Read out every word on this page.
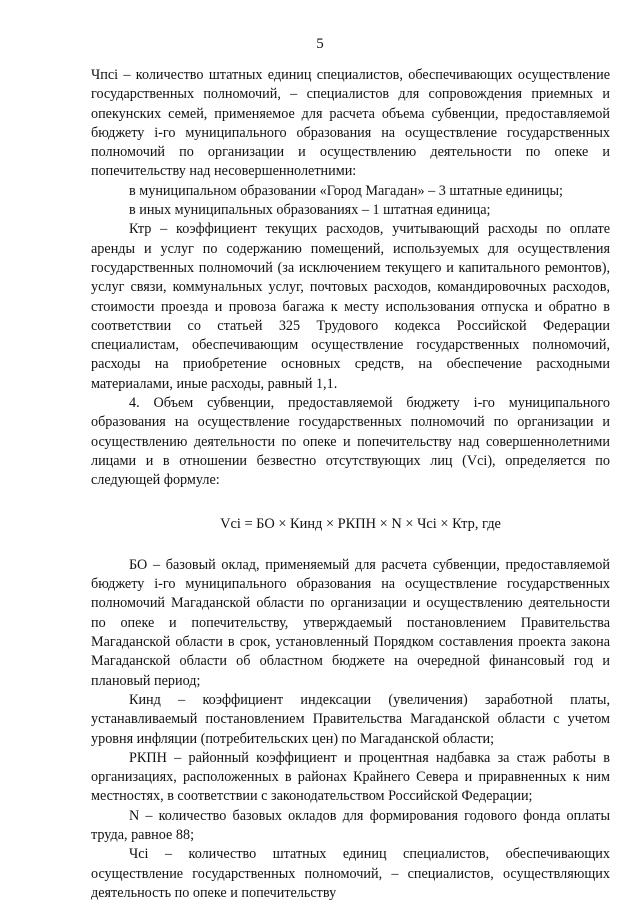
5

Чпсі – количество штатных единиц специалистов, обеспечивающих осуществление государственных полномочий, – специалистов для сопровождения приемных и опекунских семей, применяемое для расчета объема субвенции, предоставляемой бюджету і-го муниципального образования на осуществление государственных полномочий по организации и осуществлению деятельности по опеке и попечительству над несовершеннолетними:

в муниципальном образовании «Город Магадан» – 3 штатные единицы;

в иных муниципальных образованиях – 1 штатная единица;

Ктр – коэффициент текущих расходов, учитывающий расходы по оплате аренды и услуг по содержанию помещений, используемых для осуществления государственных полномочий (за исключением текущего и капитального ремонтов), услуг связи, коммунальных услуг, почтовых расходов, командировочных расходов, стоимости проезда и провоза багажа к месту использования отпуска и обратно в соответствии со статьей 325 Трудового кодекса Российской Федерации специалистам, обеспечивающим осуществление государственных полномочий, расходы на приобретение основных средств, на обеспечение расходными материалами, иные расходы, равный 1,1.

4. Объем субвенции, предоставляемой бюджету і-го муниципального образования на осуществление государственных полномочий по организации и осуществлению деятельности по опеке и попечительству над совершеннолетними лицами и в отношении безвестно отсутствующих лиц (Vсі), определяется по следующей формуле:

Vсі = БО × Кинд × РКПН × N × Чсі × Ктр, где

БО – базовый оклад, применяемый для расчета субвенции, предоставляемой бюджету і-го муниципального образования на осуществление государственных полномочий Магаданской области по организации и осуществлению деятельности по опеке и попечительству, утверждаемый постановлением Правительства Магаданской области в срок, установленный Порядком составления проекта закона Магаданской области об областном бюджете на очередной финансовый год и плановый период;

Кинд – коэффициент индексации (увеличения) заработной платы, устанавливаемый постановлением Правительства Магаданской области с учетом уровня инфляции (потребительских цен) по Магаданской области;

РКПН – районный коэффициент и процентная надбавка за стаж работы в организациях, расположенных в районах Крайнего Севера и приравненных к ним местностях, в соответствии с законодательством Российской Федерации;

N – количество базовых окладов для формирования годового фонда оплаты труда, равное 88;

Чсі – количество штатных единиц специалистов, обеспечивающих осуществление государственных полномочий, – специалистов, осуществляющих деятельность по опеке и попечительству
